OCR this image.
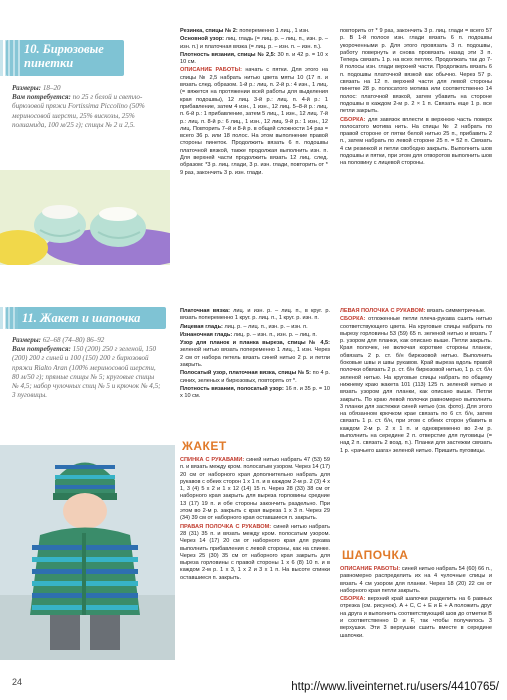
10. Бирюзовые пинетки
Размеры: 18–20
Вам потребуется: по 25 г белой и светло-бирюзовой пряжи Fortissima Piccolino (50% мериносовой шерсти, 25% вискозы, 25% полиамида, 100 м/25 г); спицы № 2 и 2,5.

Резинка, спицы № 2: попеременно 1 лиц., 1 изн.

Основной узор: лиц. гладь (= лиц. р. – лиц. п., изн. р. – изн. п.) и платочная вязка (= лиц. р. – изн. п. – изн. п.).

Плотность вязания, спицы № 2,5: 30 п. и 42 р. = 10 х 10 см.

ОПИСАНИЕ РАБОТЫ: начать с пятки. Для этого на спицы № 2,5 набрать нитью цвета мяты 10 (17 п. и вязать след. образом. 1-й р.: лиц. п. 2-й р.: 4 изн., 1 лиц. (= вяжется на протяжении всей работы для выделения края подошвы), 12 лиц. 3-й р.: лиц. п. 4-й р.: 1 прибавление, затем 4 изн., 1 изн., 12 лиц. 5–8-й р.: лиц. п. 6-й р.: 1 прибавление, затем 5 лиц., 1 изн., 12 лиц. 7-й р.: лиц. п. 8-й р.: 6 лиц., 1 изн., 12 лиц. 9-й р.: 1 изн., 12 лиц. Повторить 7–й и 8-й р. в общей сложности 14 раз = всего 36 р. или 18 полос. На этом выполнение правой стороны пинеток. Продолжить вязать 6 п. подошвы платочной вязкой, также продолжая выполнить изн. п. Для верхней части продолжить вязать 12 лиц. след. образом: *3 р. лиц. глади, 3 р. изн. глади, повторить от * 9 раз, закончить 3 р. изн. глади.

повторить от * 9 раз, закончить 3 р. лиц. глади = всего 57 р. В 1-й полосе изн. глади вязать 6 п. подошвы укороченными р. Для этого провязать 3 п. подошвы, работу повернуть и снова провязать назад эти 3 п. Теперь связать 1 р. на всех петлях. Продолжать так до 7-й полосы изн. глади верхней части. Продолжать вязать 6 п. подошвы платочной вязкой как обычно. Через 57 р. связать на 12 п. верхней части для левой стороны пинетке 28 р. полосатого мотива или соответственно 14 полос: платочной вязкой, затем убавить на стороне подошвы в каждом 2-м р. 2 × 1 п. Связать еще 1 р. все петли закрыть.

СБОРКА: для завязок вплести в верхнюю часть поверх полосатого мотива нить. На спицы № 2 набрать по правой стороне от пятки белой нитью 25 п., прибавить 2 п., затем набрать по левой стороне 25 п. = 52 п. Связать 4 см резинкой и петли свободно закрыть. Выполнить шов подошвы и пятки, при этом для отворотов выполнить шов на половину с лицевой стороны.

11. Жакет и шапочка
Размеры: 62–68 (74–80) 86–92
Вам потребуется: 150 (200) 250 г зеленой, 150 (200) 200 г синей и 100 (150) 200 г бирюзовой пряжи Rialto Aran (100% мериносовой шерсти, 80 м/50 г); прямые спицы № 5; круговые спицы № 4,5; набор чулочных спиц № 5 и крючок № 4,5; 3 пуговицы.

Платочная вязка: лиц. и изн. р. – лиц. п., в круг. р. вязать попеременно 1 круг. р. лиц. п., 1 круг. р. изн. п.

Лицевая гладь: лиц. р. – лиц. п., изн. р. – изн. п.

Изнаночная гладь: лиц. р. – изн. п., изн. р. – лиц. п.

Узор для планок и планка выреза, спицы № 4,5: зеленой нитью вязать попеременно 1 лиц., 1 изн. Через 2 см от набора петель вязать синей нитью 2 р. и петли закрыть.

Полосатый узор, платочная вязка, спицы № 5: по 4 р. синих, зеленых и бирюзовых, повторять от *.

Плотность вязания, полосатый узор: 16 п. и 35 р. = 10 х 10 см.

ЖАКЕТ

СПИНКА С РУКАВАМИ: синей нитью набрать 47 (53) 59 п. и вязать между кром. полосатым узором. Через 14 (17) 20 см от наборного края дополнительно набрать для рукавов с обеих сторон 1 х 1 п. и в каждом 2-м р. 2 (3) 4 х 1, 3 (4) 5 х 2 и 1 х 12 (14) 15 п. Через 28 (33) 38 см от наборного края закрыть для выреза горловины средние 13 (17) 19 п. и обе стороны закончить раздельно. При этом во 2-м р. закрыть с края выреза 1 х 3 п. Через 29 (34) 39 см от наборного края оставшиеся п. закрыть.

ПРАВАЯ ПОЛОЧКА С РУКАВОМ: синей нитью набрать 28 (31) 35 п. и вязать между кром. полосатым узором. Через 14 (17) 20 см от наборного края для рукава выполнить прибавления с левой стороны, как на спинке. Через 25 (30) 35 см от наборного края закрыть для выреза горловины с правой стороны 1 х 6 (8) 10 п. и в каждом 2-м р. 1 х 3, 1 х 2 и 3 х 1 п. На высоте спинки оставшиеся п. закрыть.

ЛЕВАЯ ПОЛОЧКА С РУКАВОМ: вязать симметричные.

СБОРКА: отложенные петли плеча-рукава сшить нитью соответствующего цвета. На круговые спицы набрать по вырезу горловины 53 (59) 65 п. зеленой нитью и вязать 7 р. узором для планки, как описано выше. Петли закрыть. Края полочек, не включая короткие стороны планок, обвязать 2 р. ст. б/н бирюзовой нитью. Выполнить боковые швы и швы рукавов. Край выреза вдоль правой полочки обвязать 2 р. ст. б/н бирюзовой нитью, 1 р. ст. б/н зеленой нитью. На круговые спицы набрать по общему нижнему краю жакета 101 (113) 125 п. зеленой нитью и вязать узором для планки, как описано выше. Петли закрыть. По краю левой полочки равномерно выполнить 3 планки для застежки синей нитью (см. фото). Для этого на обязанном крючком крае связать по 6 ст. б/н, затем связать 1 р. ст. б/н, при этом с обеих сторон убавить в каждом 2-м р. 2 х 1 п. и одновременно во 2-м р. выполнить на середине 2 п. отверстие для пуговицы (= над 2 п. связать 2 возд. п.). Планки для застежки связать 1 р. «рачьего шага» зеленой нитью. Пришить пуговицы.

ШАПОЧКА

ОПИСАНИЕ РАБОТЫ: синей нитью набрать 54 (60) 66 п., равномерно распределить их на 4 чулочные спицы и вязать 4 см узором для планки. Через 18 (20) 22 см от наборного края петли закрыть.

СБОРКА: верхний край шапочки разделить на 6 равных отрезка (см. рисунок). A + C, C + E и E + A положить друг на друга и выполнить соответствующий шов до отметки B и соответственно D и F, так чтобы получилось 3 верхушки. Эти 3 верхушки сшить вместе в середине шапочки.

24	http://www.liveinternet.ru/users/4410765/
